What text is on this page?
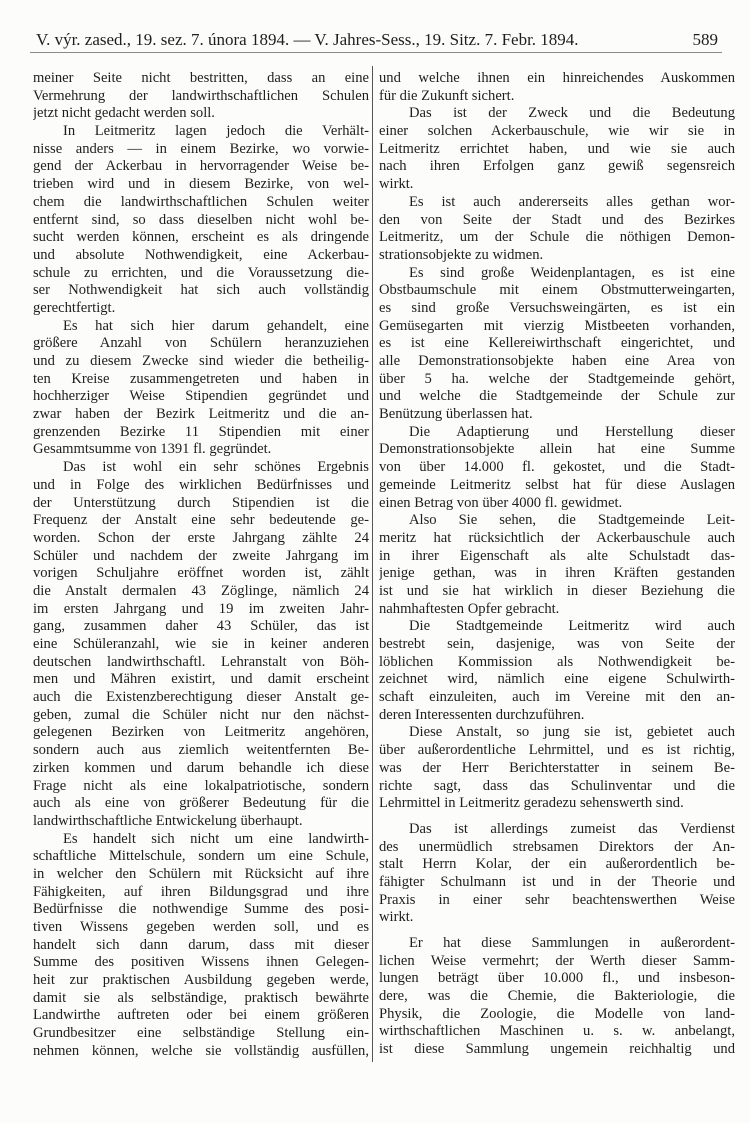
V. výr. zased., 19. sez. 7. února 1894. — V. Jahres-Sess., 19. Sitz. 7. Febr. 1894.	589
meiner Seite nicht bestritten, dass an eine
Vermehrung der landwirthschaftlichen Schulen
jetzt nicht gedacht werden soll.
In Leitmeritz lagen jedoch die Verhält-
nisse anders — in einem Bezirke, wo vorwie-
gend der Ackerbau in hervorragender Weise be-
trieben wird und in diesem Bezirke, von wel-
chem die landwirthschaftlichen Schulen weiter
entfernt sind, so dass dieselben nicht wohl be-
sucht werden können, erscheint es als dringende
und absolute Nothwendigkeit, eine Ackerbau-
schule zu errichten, und die Voraussetzung die-
ser Nothwendigkeit hat sich auch vollständig
gerechtfertigt.
Es hat sich hier darum gehandelt, eine
größere Anzahl von Schülern heranzuziehen
und zu diesem Zwecke sind wieder die betheilig-
ten Kreise zusammengetreten und haben in
hochherziger Weise Stipendien gegründet und
zwar haben der Bezirk Leitmeritz und die an-
grenzenden Bezirke 11 Stipendien mit einer
Gesammtsumme von 1391 fl. gegründet.
Das ist wohl ein sehr schönes Ergebnis
und in Folge des wirklichen Bedürfnisses und
der Unterstützung durch Stipendien ist die
Frequenz der Anstalt eine sehr bedeutende ge-
worden. Schon der erste Jahrgang zählte 24
Schüler und nachdem der zweite Jahrgang im
vorigen Schuljahre eröffnet worden ist, zählt
die Anstalt dermalen 43 Zöglinge, nämlich 24
im ersten Jahrgang und 19 im zweiten Jahr-
gang, zusammen daher 43 Schüler, das ist
eine Schüleranzahl, wie sie in keiner anderen
deutschen landwirthschaftl. Lehranstalt von Böh-
men und Mähren existirt, und damit erscheint
auch die Existenzberechtigung dieser Anstalt ge-
geben, zumal die Schüler nicht nur den nächst-
gelegenen Bezirken von Leitmeritz angehören,
sondern auch aus ziemlich weitentfernten Be-
zirken kommen und darum behandle ich diese
Frage nicht als eine lokalpatriotische, sondern
auch als eine von größerer Bedeutung für die
landwirthschaftliche Entwickelung überhaupt.
Es handelt sich nicht um eine landwirth-
schaftliche Mittelschule, sondern um eine Schule,
in welcher den Schülern mit Rücksicht auf ihre
Fähigkeiten, auf ihren Bildungsgrad und ihre
Bedürfnisse die nothwendige Summe des posi-
tiven Wissens gegeben werden soll, und es
handelt sich dann darum, dass mit dieser
Summe des positiven Wissens ihnen Gelegen-
heit zur praktischen Ausbildung gegeben werde,
damit sie als selbständige, praktisch bewährte
Landwirthe auftreten oder bei einem größeren
Grundbesitzer eine selbständige Stellung ein-
nehmen können, welche sie vollständig ausfüllen,
und welche ihnen ein hinreichendes Auskommen
für die Zukunft sichert.
Das ist der Zweck und die Bedeutung
einer solchen Ackerbauschule, wie wir sie in
Leitmeritz errichtet haben, und wie sie auch
nach ihren Erfolgen ganz gewiß segensreich
wirkt.
Es ist auch andererseits alles gethan wor-
den von Seite der Stadt und des Bezirkes
Leitmeritz, um der Schule die nöthigen Demon-
strationsobjekte zu widmen.
Es sind große Weidenplantagen, es ist eine
Obstbaumschule mit einem Obstmutterweingarten,
es sind große Versuchsweingärten, es ist ein
Gemüsegarten mit vierzig Mistbeeten vorhanden,
es ist eine Kellereiwirthschaft eingerichtet, und
alle Demonstrationsobjekte haben eine Area von
über 5 ha. welche der Stadtgemeinde gehört,
und welche die Stadtgemeinde der Schule zur
Benützung überlassen hat.
Die Adaptierung und Herstellung dieser
Demonstrationsobjekte allein hat eine Summe
von über 14.000 fl. gekostet, und die Stadt-
gemeinde Leitmeritz selbst hat für diese Auslagen
einen Betrag von über 4000 fl. gewidmet.
Also Sie sehen, die Stadtgemeinde Leit-
meritz hat rücksichtlich der Ackerbauschule auch
in ihrer Eigenschaft als alte Schulstadt das-
jenige gethan, was in ihren Kräften gestanden
ist und sie hat wirklich in dieser Beziehung die
nahmhaftesten Opfer gebracht.
Die Stadtgemeinde Leitmeritz wird auch
bestrebt sein, dasjenige, was von Seite der
löblichen Kommission als Nothwendigkeit be-
zeichnet wird, nämlich eine eigene Schulwirth-
schaft einzuleiten, auch im Vereine mit den an-
deren Interessenten durchzuführen.
Diese Anstalt, so jung sie ist, gebietet auch
über außerordentliche Lehrmittel, und es ist richtig,
was der Herr Berichterstatter in seinem Be-
richte sagt, dass das Schulinventar und die
Lehrmittel in Leitmeritz geradezu sehenswerth sind.
Das ist allerdings zumeist das Verdienst
des unermüdlich strebsamen Direktors der An-
stalt Herrn Kolar, der ein außerordentlich be-
fähigter Schulmann ist und in der Theorie und
Praxis in einer sehr beachtenswerthen Weise
wirkt.
Er hat diese Sammlungen in außerordent-
lichen Weise vermehrt; der Werth dieser Samm-
lungen beträgt über 10.000 fl., und insbeson-
dere, was die Chemie, die Bakteriologie, die
Physik, die Zoologie, die Modelle von land-
wirthschaftlichen Maschinen u. s. w. anbelangt,
ist diese Sammlung ungemein reichhaltig und
